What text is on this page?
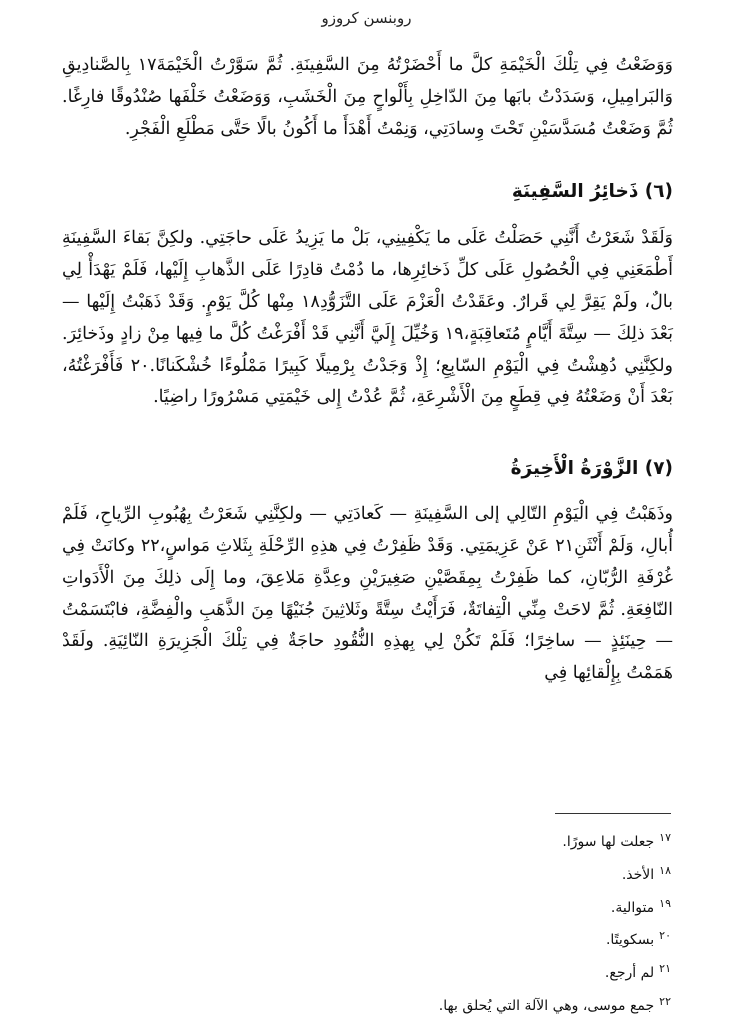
روبنسن كروزو

وَوَضَعْتُ فِي تِلْكَ الْخَيْمَةِ كلَّ ما أَحْضَرْتُهُ مِنَ السَّفِينَةِ. ثُمَّ سَوَّرْتُ الْخَيْمَةَ١٧ بِالصَّنادِيقِ وَالبَرامِيلِ، وَسَدَدْتُ بابَها مِنَ الدّاخِلِ بِأَلْواحٍ مِنَ الْخَشَبِ، وَوَضَعْتُ خَلْفَها صُنْدُوقًا فارِغًا. ثُمَّ وَضَعْتُ مُسَدَّسَيْنِ تَحْتَ وِسادَتِي، وَنِمْتُ أَهْدَأَ ما أَكُونُ بالًا حَتَّى مَطْلَعِ الْفَجْرِ.

(٦) ذَخائِرُ السَّفِينَةِ

وَلَقَدْ شَعَرْتُ أَنَّنِي حَصَلْتُ عَلَى ما يَكْفِينِي، بَلْ ما يَزِيدُ عَلَى حاجَتِي. ولكِنَّ بَقاءَ السَّفِينَةِ أَطْمَعَنِي فِي الْحُصُولِ عَلَى كلِّ ذَخائِرِها، ما دُمْتُ قادِرًا عَلَى الذَّهابِ إِلَيْها، فَلَمْ يَهْدَأْ لِي بالٌ، ولَمْ يَقِرَّ لِي قَرارٌ. وعَقَدْتُ الْعَزْمَ عَلَى التَّزَوُّدِ١٨ مِنْها كُلَّ يَوْمٍ. وَقَدْ ذَهَبْتُ إِلَيْها — بَعْدَ ذلِكَ — سِتَّةَ أَيَّامٍ مُتَعاقِبَةٍ،١٩ وَخُيِّلَ إِلَيَّ أَنَّنِي قَدْ أَفْرَغْتُ كُلَّ ما فِيها مِنْ زادٍ وذَخائِرَ. ولكِنَّنِي دُهِشْتُ فِي الْيَوْمِ السّابِعِ؛ إِذْ وَجَدْتُ بِرْمِيلًا كَبِيرًا مَمْلُوءًا خُشْكَنانًا.٢٠ فَأَفْرَغْتُهُ، بَعْدَ أَنْ وَضَعْتُهُ فِي قِطَعٍ مِنَ الْأَشْرِعَةِ، ثُمَّ عُدْتُ إِلى خَيْمَتِي مَسْرُورًا راضِيًا.

(٧) الزَّوْرَةُ الْأَخِيرَةُ

وذَهَبْتُ فِي الْيَوْمِ التّالِي إلى السَّفِينَةِ — كَعادَتِي — ولكِنَّنِي شَعَرْتُ بِهُبُوبِ الرِّياحِ، فَلَمْ أُبالِ، وَلَمْ أَنْثَنِ٢١ عَنْ عَزِيمَتِي. وَقَدْ ظَفِرْتُ فِي هذِهِ الرِّحْلَةِ بِثَلاثِ مَواسٍ،٢٢ وكانَتْ فِي غُرْفَةِ الرُّبّانِ، كما ظَفِرْتُ بِمِقَصَّيْنِ صَغِيرَيْنِ وعِدَّةِ مَلاعِقَ، وما إِلَى ذلِكَ مِنَ الْأَدَواتِ النّافِعَةِ. ثُمَّ لاحَتْ مِنِّي الْتِفاتَةٌ، فَرَأَيْتُ سِتَّةً وثَلاثِينَ جُنَيْهًا مِنَ الذَّهَبِ والْفِضَّةِ، فابْتَسَمْتُ — حِينَئِذٍ — ساخِرًا؛ فَلَمْ تَكُنْ لِي بِهذِهِ النُّقُودِ حاجَةٌ فِي تِلْكَ الْجَزِيرَةِ النّائِيَةِ. ولَقَدْ هَمَمْتُ بِإِلْقائِها فِي

$^{١٧}$جعلت لها سورًا.

$^{١٨}$الأخذ.

$^{١٩}$متوالية.

$^{٢٠}$بسكويتًا.

$^{٢١}$لم أرجع.

$^{٢٢}$جمع موسى، وهي الآلة التي يُحلق بها.
